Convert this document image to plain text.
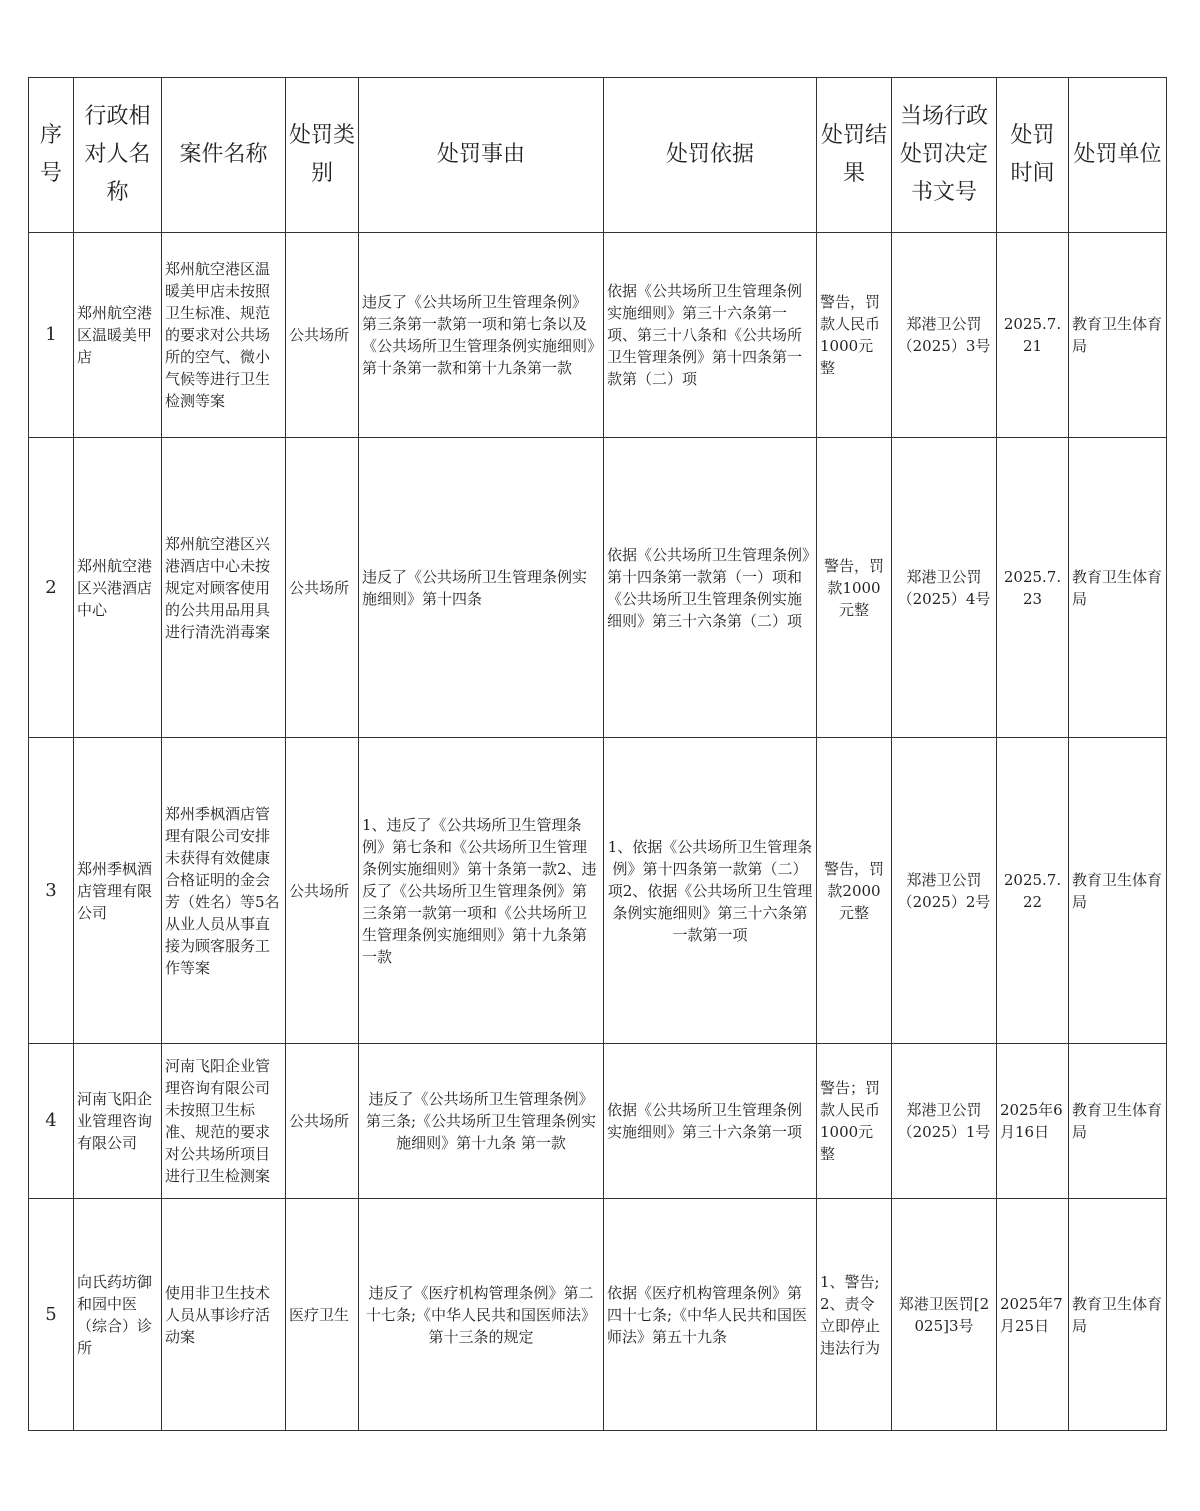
序号	行政相对人名称	案件名称	处罚类别	处罚事由	处罚依据	处罚结果	当场行政处罚决定书文号	处罚时间	处罚单位
1	郑州航空港区温暖美甲店	郑州航空港区温暖美甲店未按照卫生标准、规范的要求对公共场所的空气、微小气候等进行卫生检测等案	公共场所	违反了《公共场所卫生管理条例》第三条第一款第一项和第七条以及《公共场所卫生管理条例实施细则》第十条第一款和第十九条第一款	依据《公共场所卫生管理条例实施细则》第三十六条第一项、第三十八条和《公共场所卫生管理条例》第十四条第一款第（二）项	警告，罚款人民币1000元整	郑港卫公罚（2025）3号	2025.7.21	教育卫生体育局
2	郑州航空港区兴港酒店中心	郑州航空港区兴港酒店中心未按规定对顾客使用的公共用品用具进行清洗消毒案	公共场所	违反了《公共场所卫生管理条例实施细则》第十四条	依据《公共场所卫生管理条例》第十四条第一款第（一）项和《公共场所卫生管理条例实施细则》第三十六条第（二）项	警告，罚款1000元整	郑港卫公罚（2025）4号	2025.7.23	教育卫生体育局
3	郑州季枫酒店管理有限公司	郑州季枫酒店管理有限公司安排未获得有效健康合格证明的金会芳（姓名）等5名从业人员从事直接为顾客服务工作等案	公共场所	1、违反了《公共场所卫生管理条例》第七条和《公共场所卫生管理条例实施细则》第十条第一款2、违反了《公共场所卫生管理条例》第三条第一款第一项和《公共场所卫生管理条例实施细则》第十九条第一款	1、依据《公共场所卫生管理条例》第十四条第一款第（二）项2、依据《公共场所卫生管理条例实施细则》第三十六条第一款第一项	警告，罚款2000元整	郑港卫公罚（2025）2号	2025.7.22	教育卫生体育局
4	河南飞阳企业管理咨询有限公司	河南飞阳企业管理咨询有限公司未按照卫生标准、规范的要求对公共场所项目进行卫生检测案	公共场所	违反了《公共场所卫生管理条例》第三条;《公共场所卫生管理条例实施细则》第十九条 第一款	依据《公共场所卫生管理条例实施细则》第三十六条第一项	警告；罚款人民币1000元整	郑港卫公罚（2025）1号	2025年6月16日	教育卫生体育局
5	向氏药坊御和园中医（综合）诊所	使用非卫生技术人员从事诊疗活动案	医疗卫生	违反了《医疗机构管理条例》第二十七条;《中华人民共和国医师法》第十三条的规定	依据《医疗机构管理条例》第四十七条;《中华人民共和国医师法》第五十九条	1、警告;2、责令立即停止违法行为	郑港卫医罚[2025]3号	2025年7月25日	教育卫生体育局
